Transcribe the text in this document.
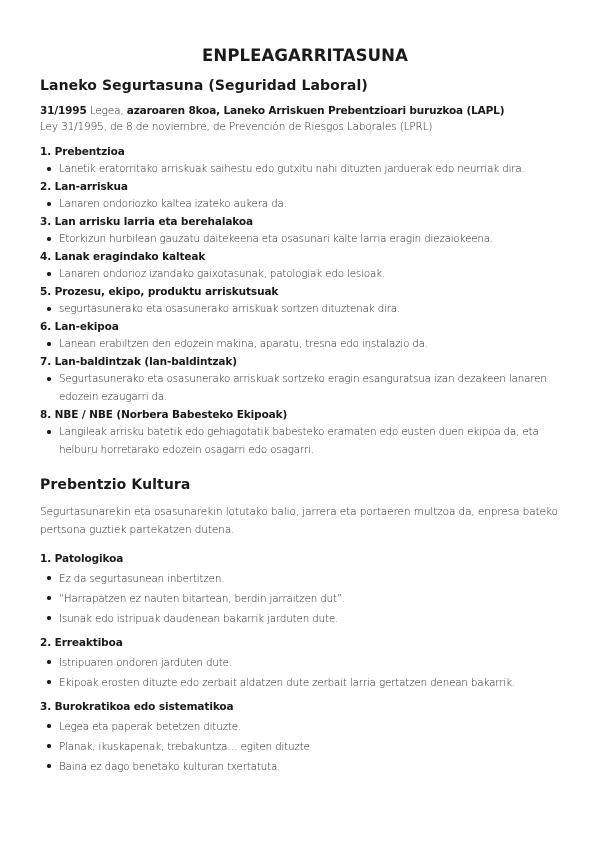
ENPLEAGARRITASUNA
Laneko Segurtasuna (Seguridad Laboral)
31/1995 Legea, azaroaren 8koa, Laneko Arriskuen Prebentzioari buruzkoa (LAPL)
Ley 31/1995, de 8 de noviembre, de Prevención de Riesgos Laborales (LPRL)

1. Prebentzioa

Lanetik eratorritako arriskuak saihestu edo gutxitu nahi dituzten jarduerak edo neurriak dira.

2. Lan-arriskua

Lanaren ondoriozko kaltea izateko aukera da.

3. Lan arrisku larria eta berehalakoa

Etorkizun hurbilean gauzatu daitekeena eta osasunari kalte larria eragin diezaiokeena.

4. Lanak eragindako kalteak

Lanaren ondorioz izandako gaixotasunak, patologiak edo lesioak.

5. Prozesu, ekipo, produktu arriskutsuak

segurtasunerako eta osasunerako arriskuak sortzen dituztenak dira.

6. Lan-ekipoa

Lanean erabiltzen den edozein makina, aparatu, tresna edo instalazio da.

7. Lan-baldintzak (lan-baldintzak)

Segurtasunerako eta osasunerako arriskuak sortzeko eragin esanguratsua izan dezakeen lanaren edozein ezaugarri da.

8. NBE / NBE (Norbera Babesteko Ekipoak)

Langileak arrisku batetik edo gehiagotatik babesteko eramaten edo eusten duen ekipoa da, eta helburu horretarako edozein osagarri edo osagarri.
Prebentzio Kultura

Segurtasunarekin eta osasunarekin lotutako balio, jarrera eta portaeren multzoa da, enpresa bateko pertsona guztiek partekatzen dutena.

1. Patologikoa

Ez da segurtasunean inbertitzen.
“Harrapatzen ez nauten bitartean, berdin jarraitzen dut”.
Isunak edo istripuak daudenean bakarrik jarduten dute.

2. Erreaktiboa

Istripuaren ondoren jarduten dute.
Ekipoak erosten dituzte edo zerbait aldatzen dute zerbait larria gertatzen denean bakarrik.

3. Burokratikoa edo sistematikoa

Legea eta paperak betetzen dituzte.
Planak, ikuskapenak, trebakuntza… egiten dituzte
Baina ez dago benetako kulturan txertatuta.
